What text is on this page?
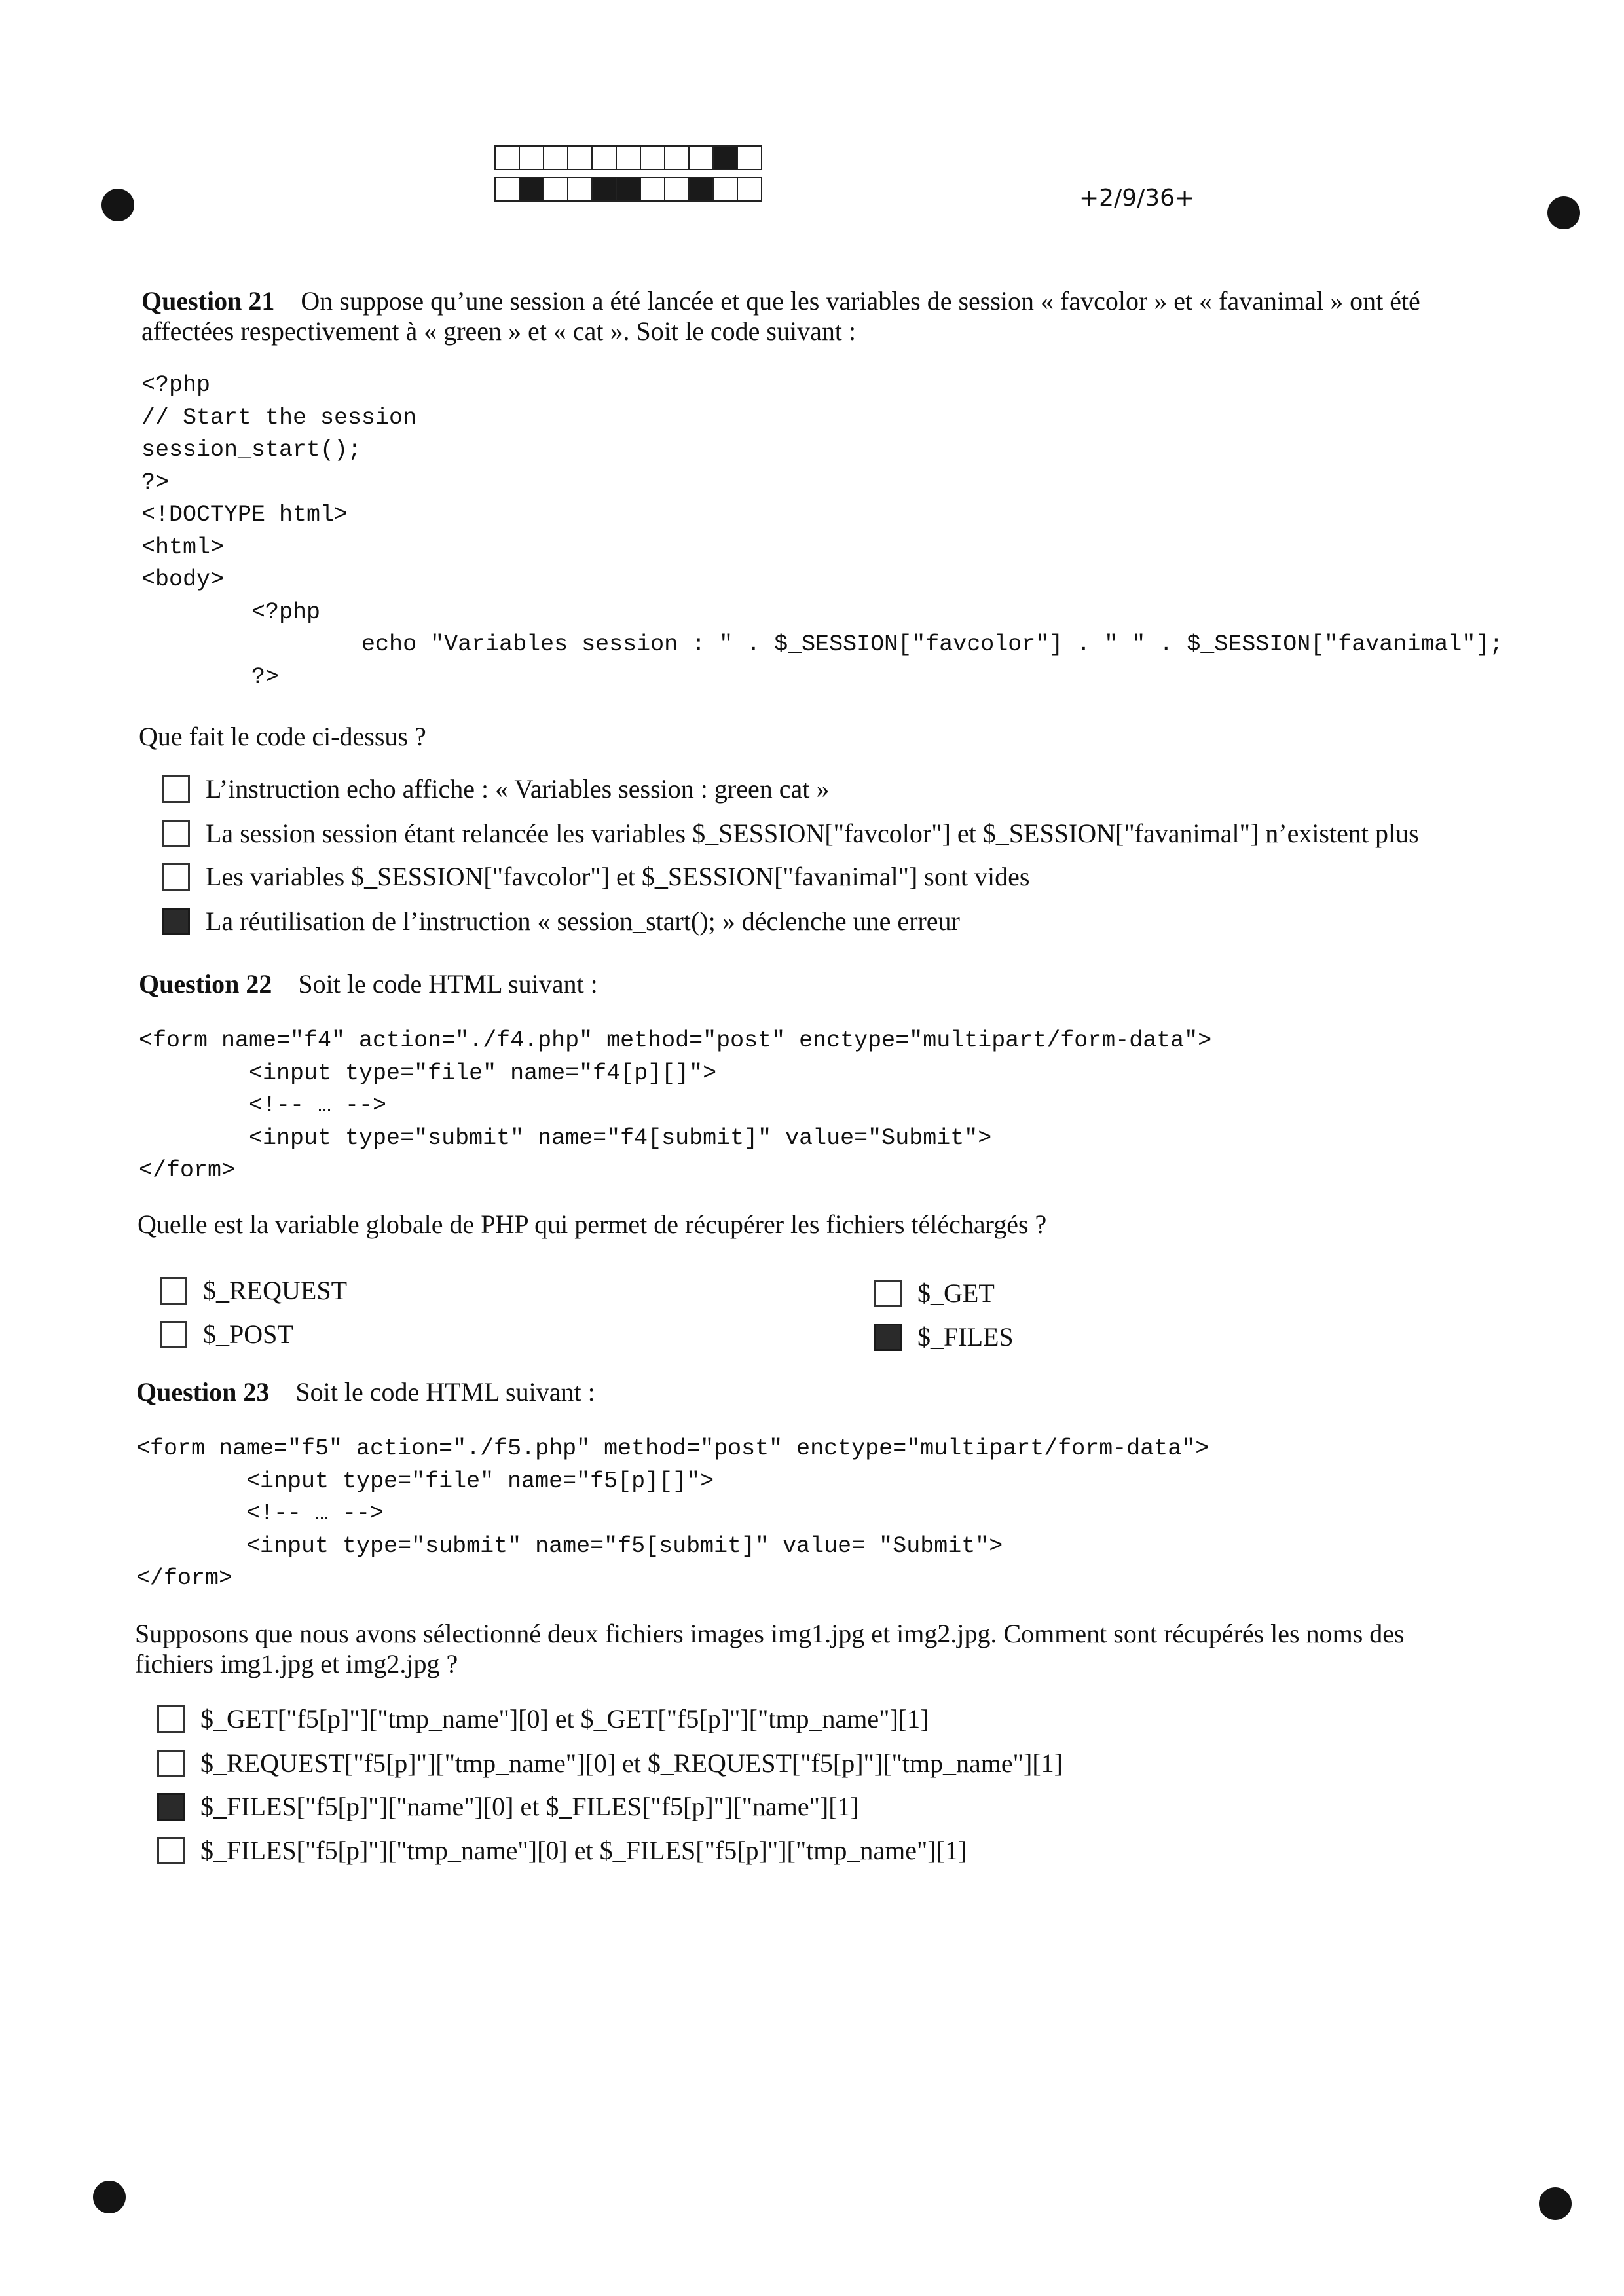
+2/9/36+
Question 21 On suppose qu’une session a été lancée et que les variables de session « favcolor » et « favanimal » ont été
affectées respectivement à « green » et « cat ». Soit le code suivant :
<?php
// Start the session
session_start();
?>
<!DOCTYPE html>
<html>
<body>
<?php
echo "Variables session : " . $_SESSION["favcolor"] . " " . $_SESSION["favanimal"];
?>
Que fait le code ci-dessus ?
L’instruction echo affiche : « Variables session : green cat »
La session session étant relancée les variables $_SESSION["favcolor"] et $_SESSION["favanimal"] n’existent plus
Les variables $_SESSION["favcolor"] et $_SESSION["favanimal"] sont vides
La réutilisation de l’instruction « session_start(); » déclenche une erreur
Question 22 Soit le code HTML suivant :
<form name="f4" action="./f4.php" method="post" enctype="multipart/form-data">
<input type="file" name="f4[p][]">
<!-- … -->
<input type="submit" name="f4[submit]" value="Submit">
</form>
Quelle est la variable globale de PHP qui permet de récupérer les fichiers téléchargés ?
$_REQUEST
$_POST
$_GET
$_FILES
Question 23 Soit le code HTML suivant :
<form name="f5" action="./f5.php" method="post" enctype="multipart/form-data">
<input type="file" name="f5[p][]">
<!-- … -->
<input type="submit" name="f5[submit]" value= "Submit">
</form>
Supposons que nous avons sélectionné deux fichiers images img1.jpg et img2.jpg. Comment sont récupérés les noms des
fichiers img1.jpg et img2.jpg ?
$_GET["f5[p]"]["tmp_name"][0] et $_GET["f5[p]"]["tmp_name"][1]
$_REQUEST["f5[p]"]["tmp_name"][0] et $_REQUEST["f5[p]"]["tmp_name"][1]
$_FILES["f5[p]"]["name"][0] et $_FILES["f5[p]"]["name"][1]
$_FILES["f5[p]"]["tmp_name"][0] et $_FILES["f5[p]"]["tmp_name"][1]
